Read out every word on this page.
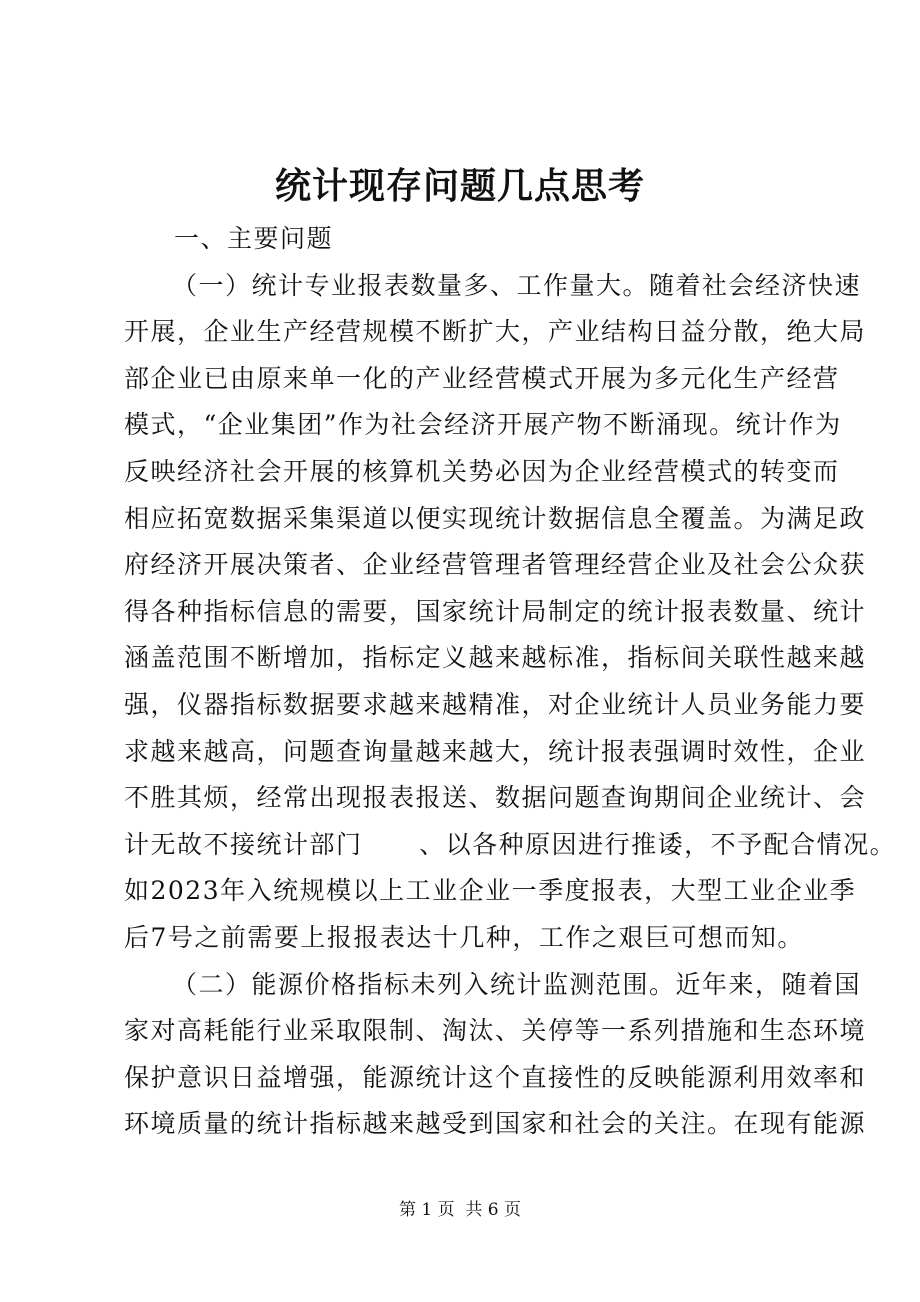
统计现存问题几点思考
一、主要问题
（一）统计专业报表数量多、工作量大。随着社会经济快速
开展，企业生产经营规模不断扩大，产业结构日益分散，绝大局
部企业已由原来单一化的产业经营模式开展为多元化生产经营
模式，“企业集团”作为社会经济开展产物不断涌现。统计作为
反映经济社会开展的核算机关势必因为企业经营模式的转变而
相应拓宽数据采集渠道以便实现统计数据信息全覆盖。为满足政
府经济开展决策者、企业经营管理者管理经营企业及社会公众获
得各种指标信息的需要，国家统计局制定的统计报表数量、统计
涵盖范围不断增加，指标定义越来越标准，指标间关联性越来越
强，仪器指标数据要求越来越精准，对企业统计人员业务能力要
求越来越高，问题查询量越来越大，统计报表强调时效性，企业
不胜其烦，经常出现报表报送、数据问题查询期间企业统计、会
计无故不接统计部门      、以各种原因进行推诿，不予配合情况。
如2023年入统规模以上工业企业一季度报表，大型工业企业季
后7号之前需要上报报表达十几种，工作之艰巨可想而知。
（二）能源价格指标未列入统计监测范围。近年来，随着国
家对高耗能行业采取限制、淘汰、关停等一系列措施和生态环境
保护意识日益增强，能源统计这个直接性的反映能源利用效率和
环境质量的统计指标越来越受到国家和社会的关注。在现有能源
第 1 页  共 6 页
